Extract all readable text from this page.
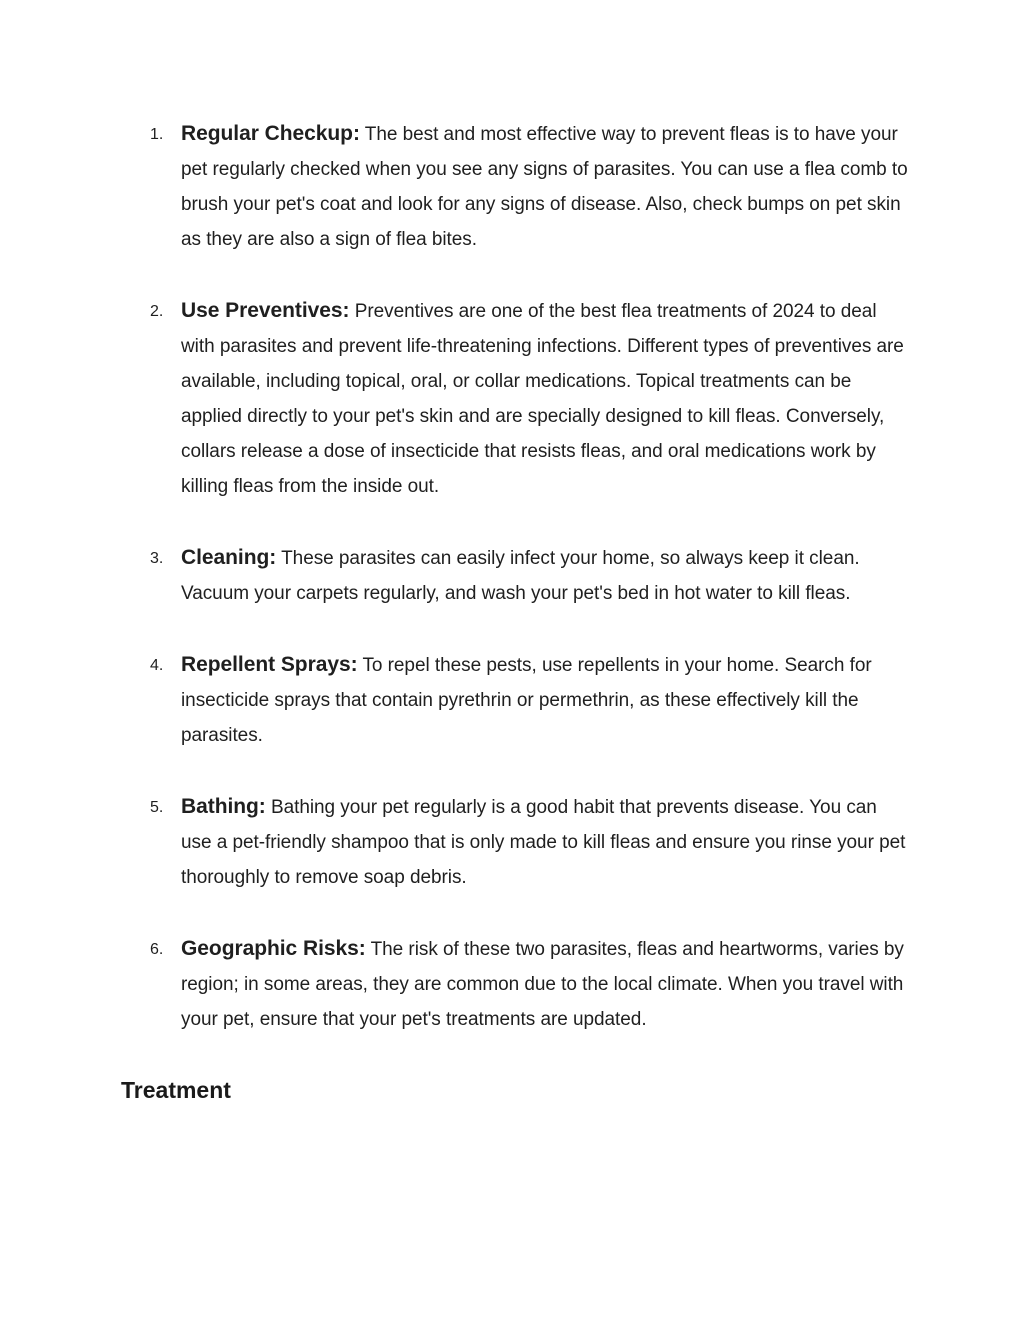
1. Regular Checkup: The best and most effective way to prevent fleas is to have your pet regularly checked when you see any signs of parasites. You can use a flea comb to brush your pet's coat and look for any signs of disease. Also, check bumps on pet skin as they are also a sign of flea bites.
2. Use Preventives: Preventives are one of the best flea treatments of 2024 to deal with parasites and prevent life-threatening infections. Different types of preventives are available, including topical, oral, or collar medications. Topical treatments can be applied directly to your pet's skin and are specially designed to kill fleas. Conversely, collars release a dose of insecticide that resists fleas, and oral medications work by killing fleas from the inside out.
3. Cleaning: These parasites can easily infect your home, so always keep it clean. Vacuum your carpets regularly, and wash your pet's bed in hot water to kill fleas.
4. Repellent Sprays: To repel these pests, use repellents in your home. Search for insecticide sprays that contain pyrethrin or permethrin, as these effectively kill the parasites.
5. Bathing: Bathing your pet regularly is a good habit that prevents disease. You can use a pet-friendly shampoo that is only made to kill fleas and ensure you rinse your pet thoroughly to remove soap debris.
6. Geographic Risks: The risk of these two parasites, fleas and heartworms, varies by region; in some areas, they are common due to the local climate. When you travel with your pet, ensure that your pet's treatments are updated.
Treatment
